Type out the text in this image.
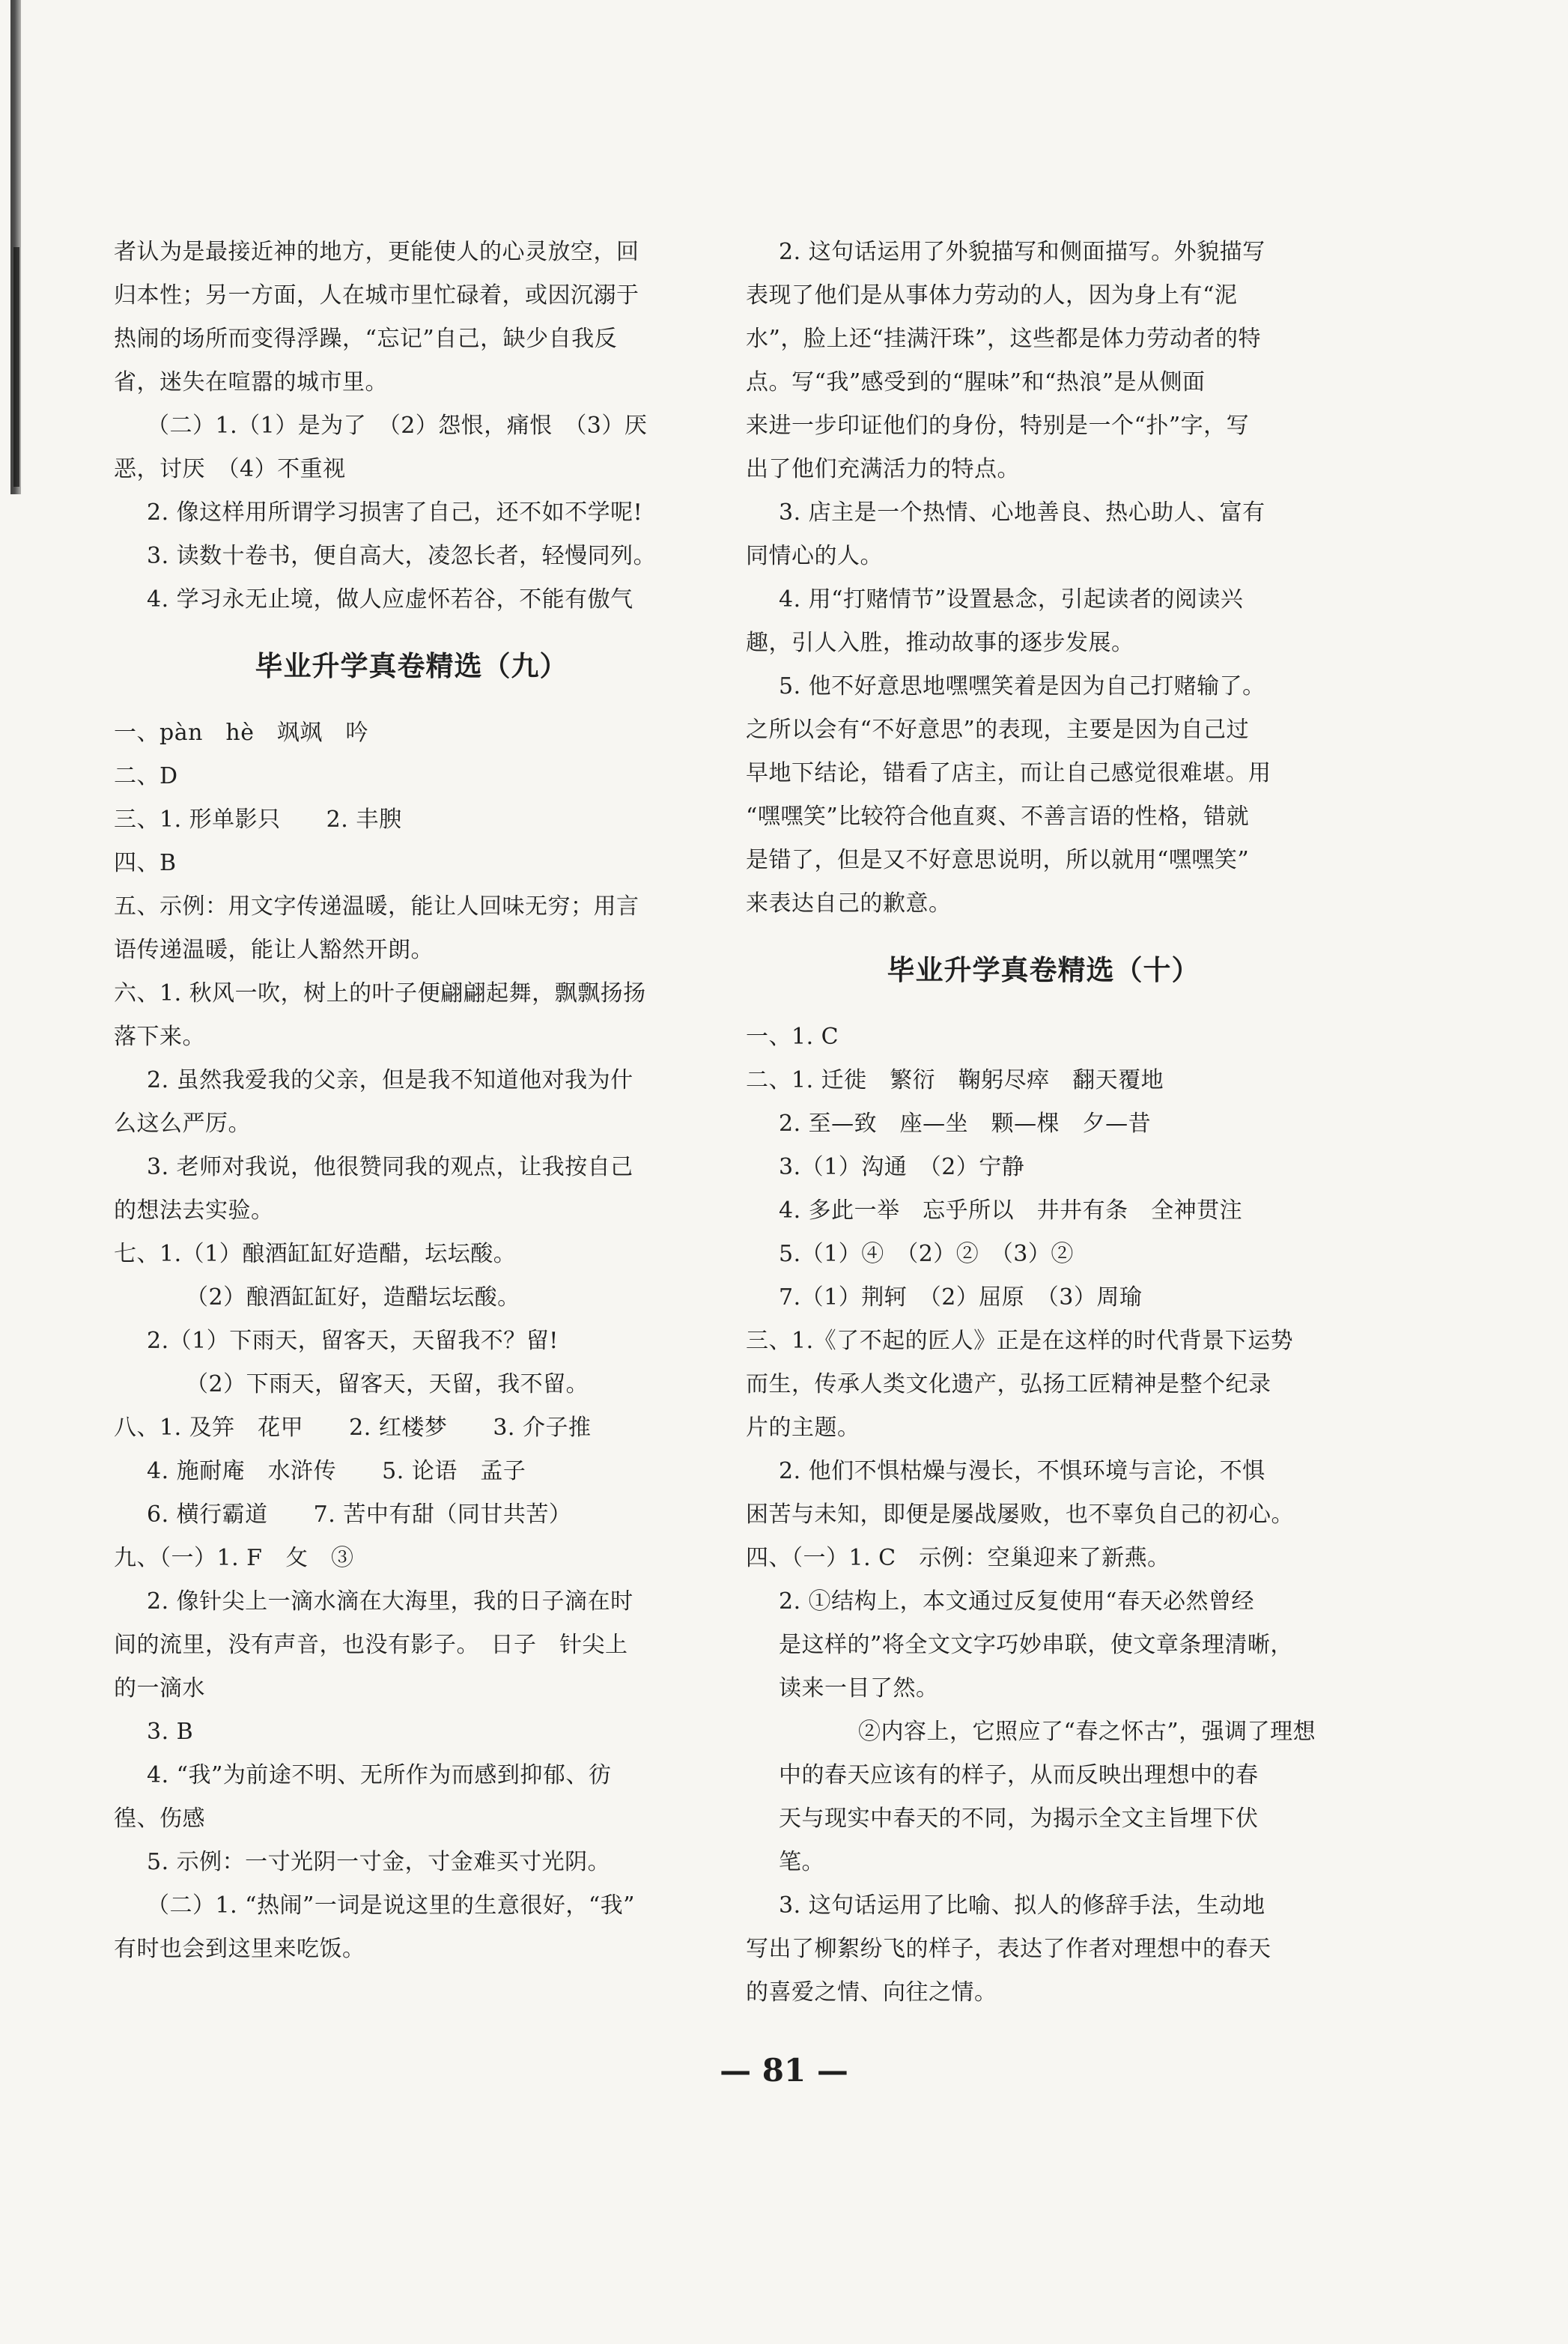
者认为是最接近神的地方，更能使人的心灵放空，回
归本性；另一方面，人在城市里忙碌着，或因沉溺于
热闹的场所而变得浮躁，“忘记”自己，缺少自我反
省，迷失在喧嚣的城市里。
（二）1.（1）是为了　（2）怨恨，痛恨　（3）厌
恶，讨厌　（4）不重视
2. 像这样用所谓学习损害了自己，还不如不学呢!
3. 读数十卷书，便自高大，凌忽长者，轻慢同列。
4. 学习永无止境，做人应虚怀若谷，不能有傲气
毕业升学真卷精选（九）
一、pàn　hè　飒飒　吟
二、D
三、1. 形单影只　　2. 丰腴
四、B
五、示例：用文字传递温暖，能让人回味无穷；用言
语传递温暖，能让人豁然开朗。
六、1. 秋风一吹，树上的叶子便翩翩起舞，飘飘扬扬
落下来。
2. 虽然我爱我的父亲，但是我不知道他对我为什
么这么严厉。
3. 老师对我说，他很赞同我的观点，让我按自己
的想法去实验。
七、1.（1）酿酒缸缸好造醋，坛坛酸。
（2）酿酒缸缸好，造醋坛坛酸。
2.（1）下雨天，留客天，天留我不？留!
（2）下雨天，留客天，天留，我不留。
八、1. 及笄　花甲　　2. 红楼梦　　3. 介子推
4. 施耐庵　水浒传　　5. 论语　孟子
6. 横行霸道　　7. 苦中有甜（同甘共苦）
九、（一）1. F　攵　③
2. 像针尖上一滴水滴在大海里，我的日子滴在时
间的流里，没有声音，也没有影子。　日子　针尖上
的一滴水
3. B
4. “我”为前途不明、无所作为而感到抑郁、彷
徨、伤感
5. 示例：一寸光阴一寸金，寸金难买寸光阴。
（二）1. “热闹”一词是说这里的生意很好，“我”
有时也会到这里来吃饭。
2. 这句话运用了外貌描写和侧面描写。外貌描写
表现了他们是从事体力劳动的人，因为身上有“泥
水”，脸上还“挂满汗珠”，这些都是体力劳动者的特
点。写“我”感受到的“腥味”和“热浪”是从侧面
来进一步印证他们的身份，特别是一个“扑”字，写
出了他们充满活力的特点。
3. 店主是一个热情、心地善良、热心助人、富有
同情心的人。
4. 用“打赌情节”设置悬念，引起读者的阅读兴
趣，引人入胜，推动故事的逐步发展。
5. 他不好意思地嘿嘿笑着是因为自己打赌输了。
之所以会有“不好意思”的表现，主要是因为自己过
早地下结论，错看了店主，而让自己感觉很难堪。用
“嘿嘿笑”比较符合他直爽、不善言语的性格，错就
是错了，但是又不好意思说明，所以就用“嘿嘿笑”
来表达自己的歉意。
毕业升学真卷精选（十）
一、1. C
二、1. 迁徙　繁衍　鞠躬尽瘁　翻天覆地
2. 至—致　座—坐　颗—棵　夕—昔
3.（1）沟通　（2）宁静
4. 多此一举　忘乎所以　井井有条　全神贯注
5.（1）④　（2）②　（3）②
7.（1）荆轲　（2）屈原　（3）周瑜
三、1.《了不起的匠人》正是在这样的时代背景下运势
而生，传承人类文化遗产，弘扬工匠精神是整个纪录
片的主题。
2. 他们不惧枯燥与漫长，不惧环境与言论，不惧
困苦与未知，即便是屡战屡败，也不辜负自己的初心。
四、（一）1. C　示例：空巢迎来了新燕。
2. ①结构上，本文通过反复使用“春天必然曾经
是这样的”将全文文字巧妙串联，使文章条理清晰，
读来一目了然。
②内容上，它照应了“春之怀古”，强调了理想
中的春天应该有的样子，从而反映出理想中的春
天与现实中春天的不同，为揭示全文主旨埋下伏
笔。
3. 这句话运用了比喻、拟人的修辞手法，生动地
写出了柳絮纷飞的样子，表达了作者对理想中的春天
的喜爱之情、向往之情。
— 81 —
